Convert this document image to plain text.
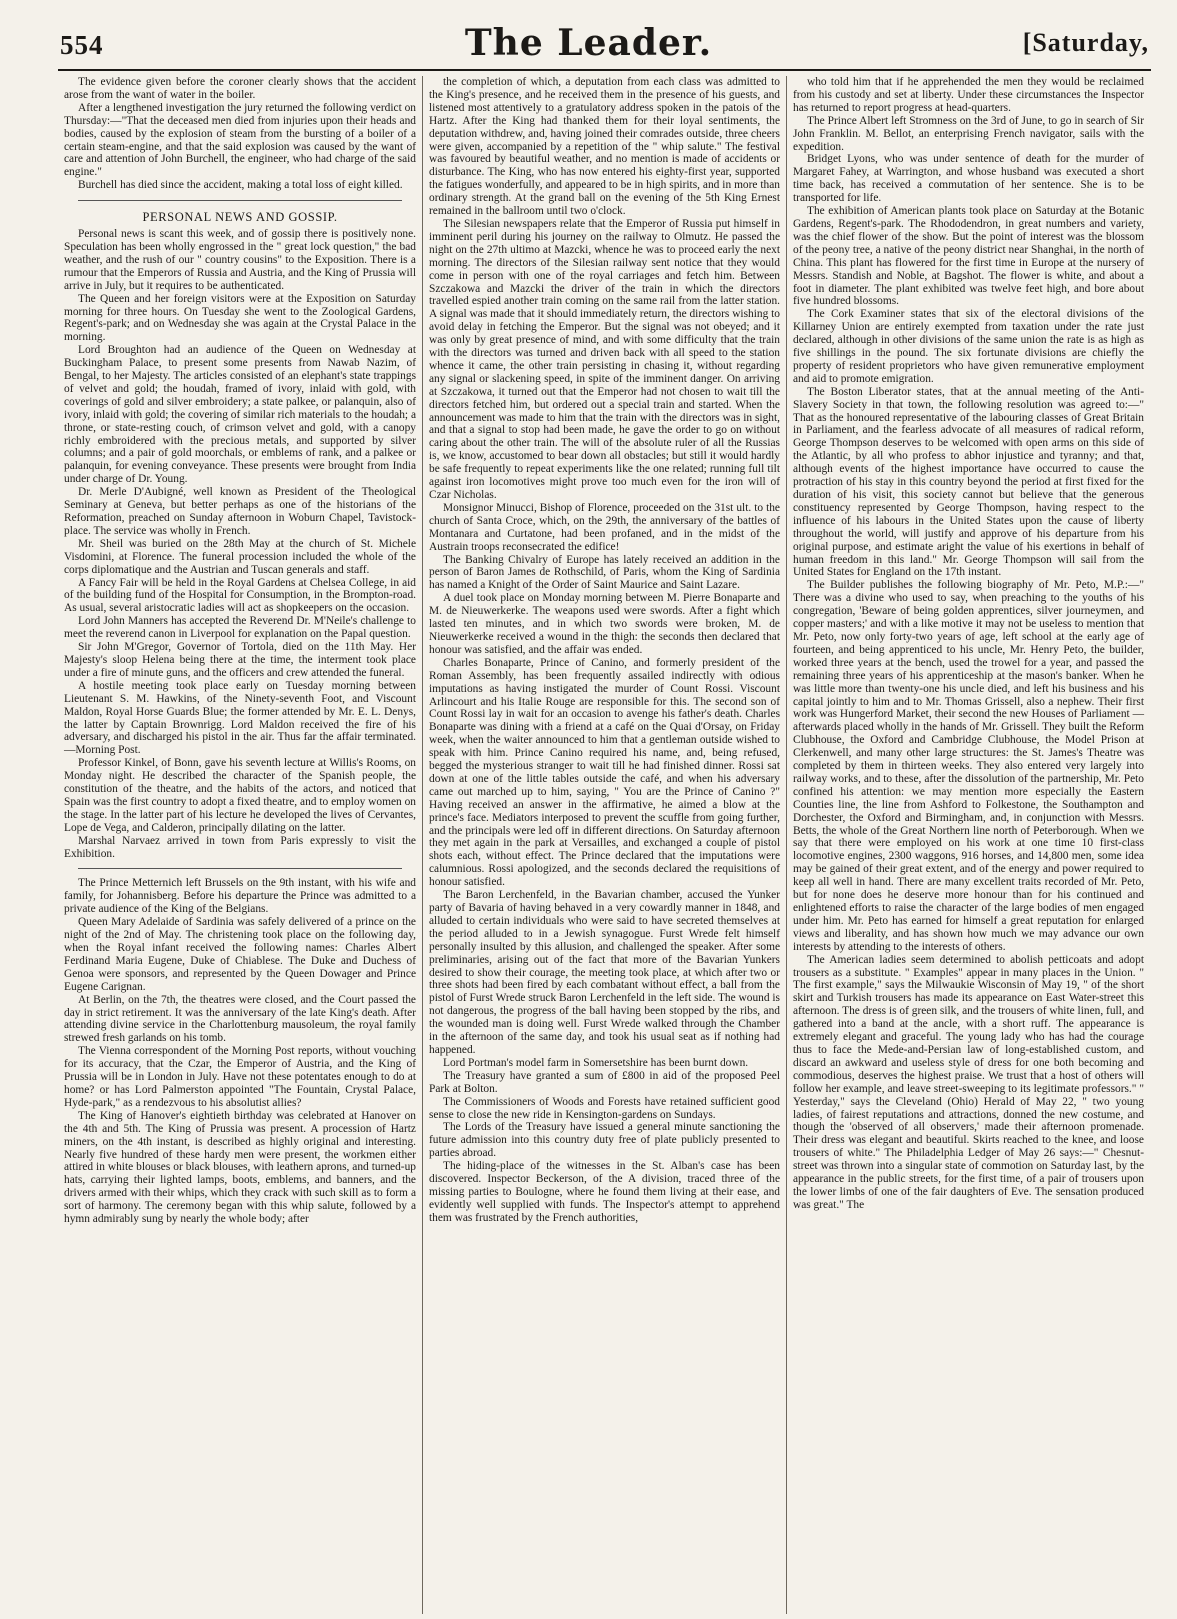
554	The Leader.	[Saturday,

The evidence given before the coroner clearly shows that the accident arose from the want of water in the boiler.

After a lengthened investigation the jury returned the following verdict on Thursday:—"That the deceased men died from injuries upon their heads and bodies, caused by the explosion of steam from the bursting of a boiler of a certain steam-engine, and that the said explosion was caused by the want of care and attention of John Burchell, the engineer, who had charge of the said engine."

Burchell has died since the accident, making a total loss of eight killed.

PERSONAL NEWS AND GOSSIP.

Personal news is scant this week, and of gossip there is positively none. Speculation has been wholly engrossed in the " great lock question," the bad weather, and the rush of our " country cousins" to the Exposition. There is a rumour that the Emperors of Russia and Austria, and the King of Prussia will arrive in July, but it requires to be authenticated.

The Queen and her foreign visitors were at the Exposition on Saturday morning for three hours. On Tuesday she went to the Zoological Gardens, Regent's-park; and on Wednesday she was again at the Crystal Palace in the morning.

Lord Broughton had an audience of the Queen on Wednesday at Buckingham Palace, to present some presents from Nawab Nazim, of Bengal, to her Majesty. The articles consisted of an elephant's state trappings of velvet and gold; the houdah, framed of ivory, inlaid with gold, with coverings of gold and silver embroidery; a state palkee, or palanquin, also of ivory, inlaid with gold; the covering of similar rich materials to the houdah; a throne, or state-resting couch, of crimson velvet and gold, with a canopy richly embroidered with the precious metals, and supported by silver columns; and a pair of gold moorchals, or emblems of rank, and a palkee or palanquin, for evening conveyance. These presents were brought from India under charge of Dr. Young.

Dr. Merle D'Aubigné, well known as President of the Theological Seminary at Geneva, but better perhaps as one of the historians of the Reformation, preached on Sunday afternoon in Woburn Chapel, Tavistock-place. The service was wholly in French.

Mr. Sheil was buried on the 28th May at the church of St. Michele Visdomini, at Florence. The funeral procession included the whole of the corps diplomatique and the Austrian and Tuscan generals and staff.

A Fancy Fair will be held in the Royal Gardens at Chelsea College, in aid of the building fund of the Hospital for Consumption, in the Brompton-road. As usual, several aristocratic ladies will act as shopkeepers on the occasion.

Lord John Manners has accepted the Reverend Dr. M'Neile's challenge to meet the reverend canon in Liverpool for explanation on the Papal question.

Sir John M'Gregor, Governor of Tortola, died on the 11th May. Her Majesty's sloop Helena being there at the time, the interment took place under a fire of minute guns, and the officers and crew attended the funeral.

A hostile meeting took place early on Tuesday morning between Lieutenant S. M. Hawkins, of the Ninety-seventh Foot, and Viscount Maldon, Royal Horse Guards Blue; the former attended by Mr. E. L. Denys, the latter by Captain Brownrigg. Lord Maldon received the fire of his adversary, and discharged his pistol in the air. Thus far the affair terminated.—Morning Post.

Professor Kinkel, of Bonn, gave his seventh lecture at Willis's Rooms, on Monday night. He described the character of the Spanish people, the constitution of the theatre, and the habits of the actors, and noticed that Spain was the first country to adopt a fixed theatre, and to employ women on the stage. In the latter part of his lecture he developed the lives of Cervantes, Lope de Vega, and Calderon, principally dilating on the latter.

Marshal Narvaez arrived in town from Paris expressly to visit the Exhibition.

The Prince Metternich left Brussels on the 9th instant, with his wife and family, for Johannisberg. Before his departure the Prince was admitted to a private audience of the King of the Belgians.

Queen Mary Adelaide of Sardinia was safely delivered of a prince on the night of the 2nd of May. The christening took place on the following day, when the Royal infant received the following names: Charles Albert Ferdinand Maria Eugene, Duke of Chiablese. The Duke and Duchess of Genoa were sponsors, and represented by the Queen Dowager and Prince Eugene Carignan.

At Berlin, on the 7th, the theatres were closed, and the Court passed the day in strict retirement. It was the anniversary of the late King's death. After attending divine service in the Charlottenburg mausoleum, the royal family strewed fresh garlands on his tomb.

The Vienna correspondent of the Morning Post reports, without vouching for its accuracy, that the Czar, the Emperor of Austria, and the King of Prussia will be in London in July. Have not these potentates enough to do at home? or has Lord Palmerston appointed "The Fountain, Crystal Palace, Hyde-park," as a rendezvous to his absolutist allies?

The King of Hanover's eightieth birthday was celebrated at Hanover on the 4th and 5th. The King of Prussia was present. A procession of Hartz miners, on the 4th instant, is described as highly original and interesting. Nearly five hundred of these hardy men were present, the workmen either attired in white blouses or black blouses, with leathern aprons, and turned-up hats, carrying their lighted lamps, boots, emblems, and banners, and the drivers armed with their whips, which they crack with such skill as to form a sort of harmony. The ceremony began with this whip salute, followed by a hymn admirably sung by nearly the whole body; after

the completion of which, a deputation from each class was admitted to the King's presence, and he received them in the presence of his guests, and listened most attentively to a gratulatory address spoken in the patois of the Hartz. After the King had thanked them for their loyal sentiments, the deputation withdrew, and, having joined their comrades outside, three cheers were given, accompanied by a repetition of the " whip salute." The festival was favoured by beautiful weather, and no mention is made of accidents or disturbance. The King, who has now entered his eighty-first year, supported the fatigues wonderfully, and appeared to be in high spirits, and in more than ordinary strength. At the grand ball on the evening of the 5th King Ernest remained in the ballroom until two o'clock.

The Silesian newspapers relate that the Emperor of Russia put himself in imminent peril during his journey on the railway to Olmutz. He passed the night on the 27th ultimo at Mazcki, whence he was to proceed early the next morning. The directors of the Silesian railway sent notice that they would come in person with one of the royal carriages and fetch him. Between Szczakowa and Mazcki the driver of the train in which the directors travelled espied another train coming on the same rail from the latter station. A signal was made that it should immediately return, the directors wishing to avoid delay in fetching the Emperor. But the signal was not obeyed; and it was only by great presence of mind, and with some difficulty that the train with the directors was turned and driven back with all speed to the station whence it came, the other train persisting in chasing it, without regarding any signal or slackening speed, in spite of the imminent danger. On arriving at Szczakowa, it turned out that the Emperor had not chosen to wait till the directors fetched him, but ordered out a special train and started. When the announcement was made to him that the train with the directors was in sight, and that a signal to stop had been made, he gave the order to go on without caring about the other train. The will of the absolute ruler of all the Russias is, we know, accustomed to bear down all obstacles; but still it would hardly be safe frequently to repeat experiments like the one related; running full tilt against iron locomotives might prove too much even for the iron will of Czar Nicholas.

Monsignor Minucci, Bishop of Florence, proceeded on the 31st ult. to the church of Santa Croce, which, on the 29th, the anniversary of the battles of Montanara and Curtatone, had been profaned, and in the midst of the Austrain troops reconsecrated the edifice!

The Banking Chivalry of Europe has lately received an addition in the person of Baron James de Rothschild, of Paris, whom the King of Sardinia has named a Knight of the Order of Saint Maurice and Saint Lazare.

A duel took place on Monday morning between M. Pierre Bonaparte and M. de Nieuwerkerke. The weapons used were swords. After a fight which lasted ten minutes, and in which two swords were broken, M. de Nieuwerkerke received a wound in the thigh: the seconds then declared that honour was satisfied, and the affair was ended.

Charles Bonaparte, Prince of Canino, and formerly president of the Roman Assembly, has been frequently assailed indirectly with odious imputations as having instigated the murder of Count Rossi. Viscount Arlincourt and his Italie Rouge are responsible for this. The second son of Count Rossi lay in wait for an occasion to avenge his father's death. Charles Bonaparte was dining with a friend at a café on the Quai d'Orsay, on Friday week, when the waiter announced to him that a gentleman outside wished to speak with him. Prince Canino required his name, and, being refused, begged the mysterious stranger to wait till he had finished dinner. Rossi sat down at one of the little tables outside the café, and when his adversary came out marched up to him, saying, " You are the Prince of Canino ?" Having received an answer in the affirmative, he aimed a blow at the prince's face. Mediators interposed to prevent the scuffle from going further, and the principals were led off in different directions. On Saturday afternoon they met again in the park at Versailles, and exchanged a couple of pistol shots each, without effect. The Prince declared that the imputations were calumnious. Rossi apologized, and the seconds declared the requisitions of honour satisfied.

The Baron Lerchenfeld, in the Bavarian chamber, accused the Yunker party of Bavaria of having behaved in a very cowardly manner in 1848, and alluded to certain individuals who were said to have secreted themselves at the period alluded to in a Jewish synagogue. Furst Wrede felt himself personally insulted by this allusion, and challenged the speaker. After some preliminaries, arising out of the fact that more of the Bavarian Yunkers desired to show their courage, the meeting took place, at which after two or three shots had been fired by each combatant without effect, a ball from the pistol of Furst Wrede struck Baron Lerchenfeld in the left side. The wound is not dangerous, the progress of the ball having been stopped by the ribs, and the wounded man is doing well. Furst Wrede walked through the Chamber in the afternoon of the same day, and took his usual seat as if nothing had happened.

Lord Portman's model farm in Somersetshire has been burnt down.

The Treasury have granted a sum of £800 in aid of the proposed Peel Park at Bolton.

The Commissioners of Woods and Forests have retained sufficient good sense to close the new ride in Kensington-gardens on Sundays.

The Lords of the Treasury have issued a general minute sanctioning the future admission into this country duty free of plate publicly presented to parties abroad.

The hiding-place of the witnesses in the St. Alban's case has been discovered. Inspector Beckerson, of the A division, traced three of the missing parties to Boulogne, where he found them living at their ease, and evidently well supplied with funds. The Inspector's attempt to apprehend them was frustrated by the French authorities,

who told him that if he apprehended the men they would be reclaimed from his custody and set at liberty. Under these circumstances the Inspector has returned to report progress at head-quarters.

The Prince Albert left Stromness on the 3rd of June, to go in search of Sir John Franklin. M. Bellot, an enterprising French navigator, sails with the expedition.

Bridget Lyons, who was under sentence of death for the murder of Margaret Fahey, at Warrington, and whose husband was executed a short time back, has received a commutation of her sentence. She is to be transported for life.

The exhibition of American plants took place on Saturday at the Botanic Gardens, Regent's-park. The Rhododendron, in great numbers and variety, was the chief flower of the show. But the point of interest was the blossom of the peony tree, a native of the peony district near Shanghai, in the north of China. This plant has flowered for the first time in Europe at the nursery of Messrs. Standish and Noble, at Bagshot. The flower is white, and about a foot in diameter. The plant exhibited was twelve feet high, and bore about five hundred blossoms.

The Cork Examiner states that six of the electoral divisions of the Killarney Union are entirely exempted from taxation under the rate just declared, although in other divisions of the same union the rate is as high as five shillings in the pound. The six fortunate divisions are chiefly the property of resident proprietors who have given remunerative employment and aid to promote emigration.

The Boston Liberator states, that at the annual meeting of the Anti-Slavery Society in that town, the following resolution was agreed to:—" That as the honoured representative of the labouring classes of Great Britain in Parliament, and the fearless advocate of all measures of radical reform, George Thompson deserves to be welcomed with open arms on this side of the Atlantic, by all who profess to abhor injustice and tyranny; and that, although events of the highest importance have occurred to cause the protraction of his stay in this country beyond the period at first fixed for the duration of his visit, this society cannot but believe that the generous constituency represented by George Thompson, having respect to the influence of his labours in the United States upon the cause of liberty throughout the world, will justify and approve of his departure from his original purpose, and estimate aright the value of his exertions in behalf of human freedom in this land." Mr. George Thompson will sail from the United States for England on the 17th instant.

The Builder publishes the following biography of Mr. Peto, M.P.:—" There was a divine who used to say, when preaching to the youths of his congregation, 'Beware of being golden apprentices, silver journeymen, and copper masters;' and with a like motive it may not be useless to mention that Mr. Peto, now only forty-two years of age, left school at the early age of fourteen, and being apprenticed to his uncle, Mr. Henry Peto, the builder, worked three years at the bench, used the trowel for a year, and passed the remaining three years of his apprenticeship at the mason's banker. When he was little more than twenty-one his uncle died, and left his business and his capital jointly to him and to Mr. Thomas Grissell, also a nephew. Their first work was Hungerford Market, their second the new Houses of Parliament —afterwards placed wholly in the hands of Mr. Grissell. They built the Reform Clubhouse, the Oxford and Cambridge Clubhouse, the Model Prison at Clerkenwell, and many other large structures: the St. James's Theatre was completed by them in thirteen weeks. They also entered very largely into railway works, and to these, after the dissolution of the partnership, Mr. Peto confined his attention: we may mention more especially the Eastern Counties line, the line from Ashford to Folkestone, the Southampton and Dorchester, the Oxford and Birmingham, and, in conjunction with Messrs. Betts, the whole of the Great Northern line north of Peterborough. When we say that there were employed on his work at one time 10 first-class locomotive engines, 2300 waggons, 916 horses, and 14,800 men, some idea may be gained of their great extent, and of the energy and power required to keep all well in hand. There are many excellent traits recorded of Mr. Peto, but for none does he deserve more honour than for his continued and enlightened efforts to raise the character of the large bodies of men engaged under him. Mr. Peto has earned for himself a great reputation for enlarged views and liberality, and has shown how much we may advance our own interests by attending to the interests of others.

The American ladies seem determined to abolish petticoats and adopt trousers as a substitute. " Examples" appear in many places in the Union. " The first example," says the Milwaukie Wisconsin of May 19, " of the short skirt and Turkish trousers has made its appearance on East Water-street this afternoon. The dress is of green silk, and the trousers of white linen, full, and gathered into a band at the ancle, with a short ruff. The appearance is extremely elegant and graceful. The young lady who has had the courage thus to face the Mede-and-Persian law of long-established custom, and discard an awkward and useless style of dress for one both becoming and commodious, deserves the highest praise. We trust that a host of others will follow her example, and leave street-sweeping to its legitimate professors." " Yesterday," says the Cleveland (Ohio) Herald of May 22, " two young ladies, of fairest reputations and attractions, donned the new costume, and though the 'observed of all observers,' made their afternoon promenade. Their dress was elegant and beautiful. Skirts reached to the knee, and loose trousers of white." The Philadelphia Ledger of May 26 says:—" Chesnut-street was thrown into a singular state of commotion on Saturday last, by the appearance in the public streets, for the first time, of a pair of trousers upon the lower limbs of one of the fair daughters of Eve. The sensation produced was great." The
